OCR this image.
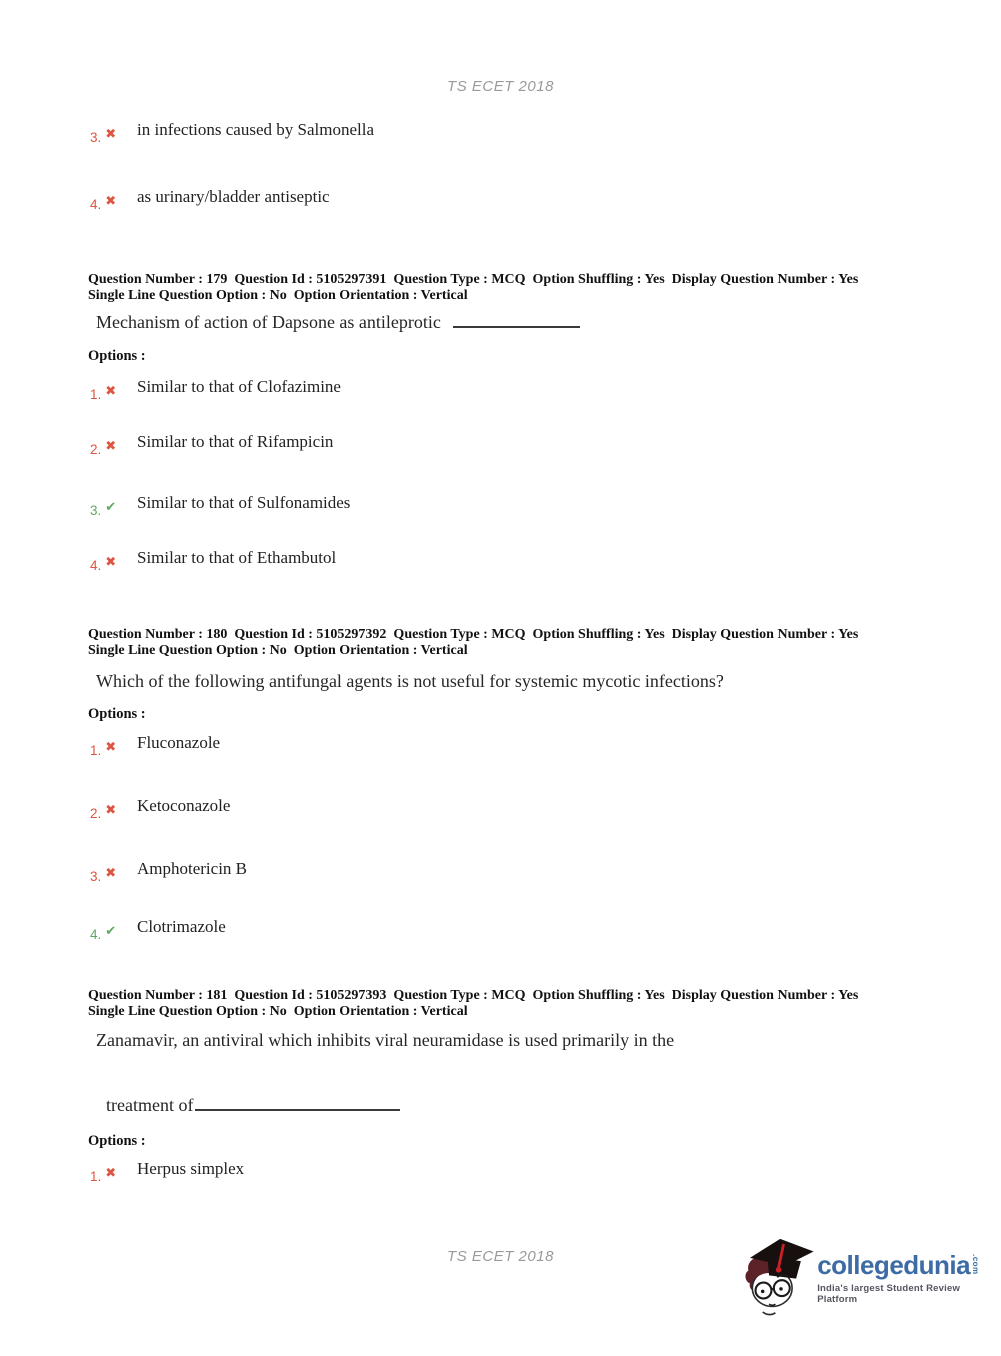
TS ECET 2018
3. ✖ in infections caused by Salmonella
4. ✖ as urinary/bladder antiseptic
Question Number : 179  Question Id : 5105297391  Question Type : MCQ  Option Shuffling : Yes  Display Question Number : Yes
Single Line Question Option : No  Option Orientation : Vertical
Mechanism of action of Dapsone as antileprotic
Options :
1. ✖ Similar to that of Clofazimine
2. ✖ Similar to that of Rifampicin
3. ✔ Similar to that of Sulfonamides
4. ✖ Similar to that of Ethambutol
Question Number : 180  Question Id : 5105297392  Question Type : MCQ  Option Shuffling : Yes  Display Question Number : Yes
Single Line Question Option : No  Option Orientation : Vertical
Which of the following antifungal agents is not useful for systemic mycotic infections?
Options :
1. ✖ Fluconazole
2. ✖ Ketoconazole
3. ✖ Amphotericin B
4. ✔ Clotrimazole
Question Number : 181  Question Id : 5105297393  Question Type : MCQ  Option Shuffling : Yes  Display Question Number : Yes
Single Line Question Option : No  Option Orientation : Vertical
Zanamavir, an antiviral which inhibits viral neuramidase is used primarily in the
treatment of
Options :
1. ✖ Herpus simplex
TS ECET 2018	collegedunia .com
India's largest Student Review Platform
